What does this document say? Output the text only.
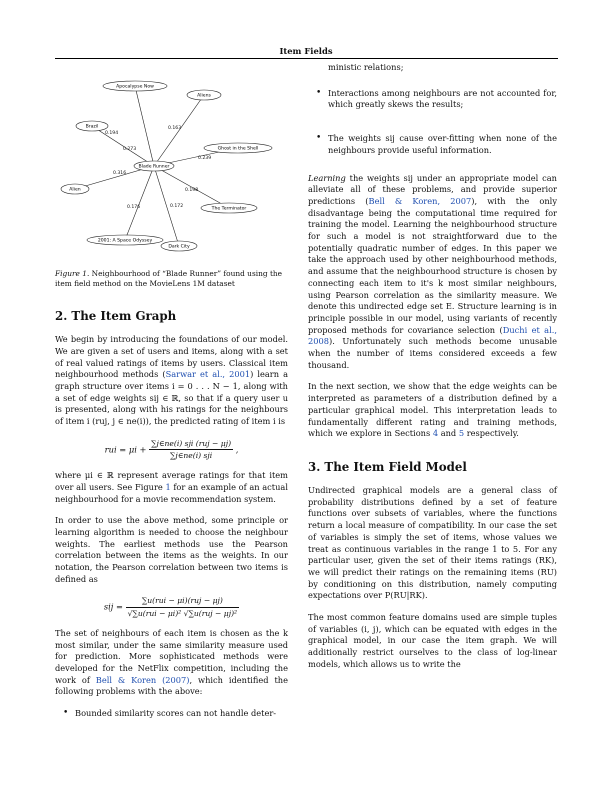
Item Fields
Apocalypse Now
Aliens
Brazil
Ghost in the Shell
Alien
The Terminator
2001: A Space Odyssey
Dark City
Blade Runner
0.194
0.163
0.273
0.239
0.316
0.198
0.176	0.172
Figure 1. Neighbourhood of “Blade Runner” found using the item field method on the MovieLens 1M dataset
2. The Item Graph

We begin by introducing the foundations of our model. We are given a set of users and items, along with a set of real valued ratings of items by users. Classical item neighbourhood methods (Sarwar et al., 2001) learn a graph structure over items i = 0 . . . N − 1, along with a set of edge weights sij ∈ ℝ, so that if a query user u is presented, along with his ratings for the neighbours of item i (ruj, j ∈ ne(i)), the predicted rating of item i is

rui = $\mu i + \frac{\text{∑j∈ne(i) sji (ruj − μj)}}{\text{∑j∈ne(i) sji}}$ ,

where μi ∈ ℝ represent average ratings for that item over all users. See Figure 1 for an example of an actual neighbourhood for a movie recommendation system.

In order to use the above method, some principle or learning algorithm is needed to choose the neighbour weights. The earliest methods use the Pearson correlation between the items as the weights. In our notation, the Pearson correlation between two items is defined as

sij = $\frac{\text{∑u(rui − μi)(ruj − μj)}}{\text{√∑u(rui − μi)² √∑u(ruj − μj)²}}$

The set of neighbours of each item is chosen as the k most similar, under the same similarity measure used for prediction. More sophisticated methods were developed for the NetFlix competition, including the work of Bell & Koren (2007), which identified the following problems with the above:

• Bounded similarity scores can not handle deter-

ministic relations;

• Interactions among neighbours are not accounted for, which greatly skews the results;
• The weights sij cause over-fitting when none of the neighbours provide useful information.

Learning the weights sij under an appropriate model can alleviate all of these problems, and provide superior predictions (Bell & Koren, 2007), with the only disadvantage being the computational time required for training the model. Learning the neighbourhood structure for such a model is not straightforward due to the potentially quadratic number of edges. In this paper we take the approach used by other neighbourhood methods, and assume that the neighbourhood structure is chosen by connecting each item to it's k most similar neighbours, using Pearson correlation as the similarity measure. We denote this undirected edge set E. Structure learning is in principle possible in our model, using variants of recently proposed methods for covariance selection (Duchi et al., 2008). Unfortunately such methods become unusable when the number of items considered exceeds a few thousand.

In the next section, we show that the edge weights can be interpreted as parameters of a distribution defined by a particular graphical model. This interpretation leads to fundamentally different rating and training methods, which we explore in Sections 4 and 5 respectively.

3. The Item Field Model

Undirected graphical models are a general class of probability distributions defined by a set of feature functions over subsets of variables, where the functions return a local measure of compatibility. In our case the set of variables is simply the set of items, whose values we treat as continuous variables in the range 1 to 5. For any particular user, given the set of their items ratings (RK), we will predict their ratings on the remaining items (RU) by conditioning on this distribution, namely computing expectations over P(RU|RK).

The most common feature domains used are simple tuples of variables (i, j), which can be equated with edges in the graphical model, in our case the item graph. We will additionally restrict ourselves to the class of log-linear models, which allows us to write the
